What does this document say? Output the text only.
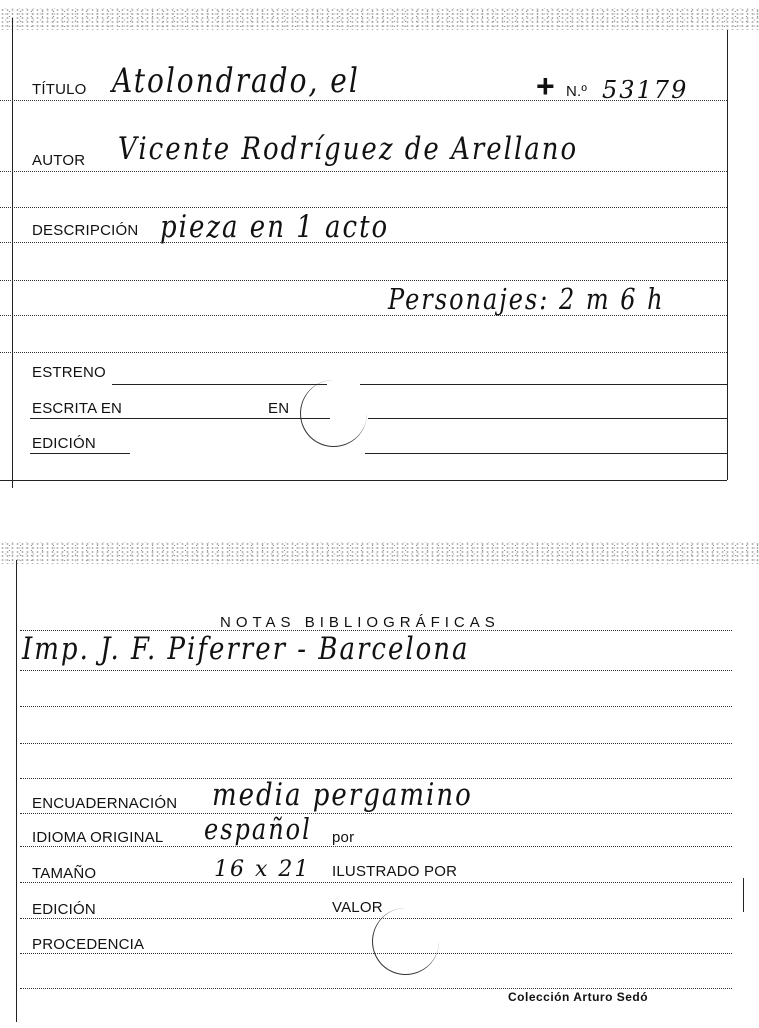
TÍTULO Atolondrado, el	+ N.º 53179
AUTOR Vicente Rodríguez de Arellano
DESCRIPCIÓN pieza en 1 acto
Personajes: 2 m 6 h
ESTRENO
ESCRITA EN	EN
EDICIÓN
NOTAS BIBLIOGRÁFICAS
Imp. J. F. Piferrer - Barcelona
ENCUADERNACIÓN media pergamino
IDIOMA ORIGINAL español por
TAMAÑO	16 x 21 ILUSTRADO POR
EDICIÓN	VALOR
PROCEDENCIA
Colección Arturo Sedó
